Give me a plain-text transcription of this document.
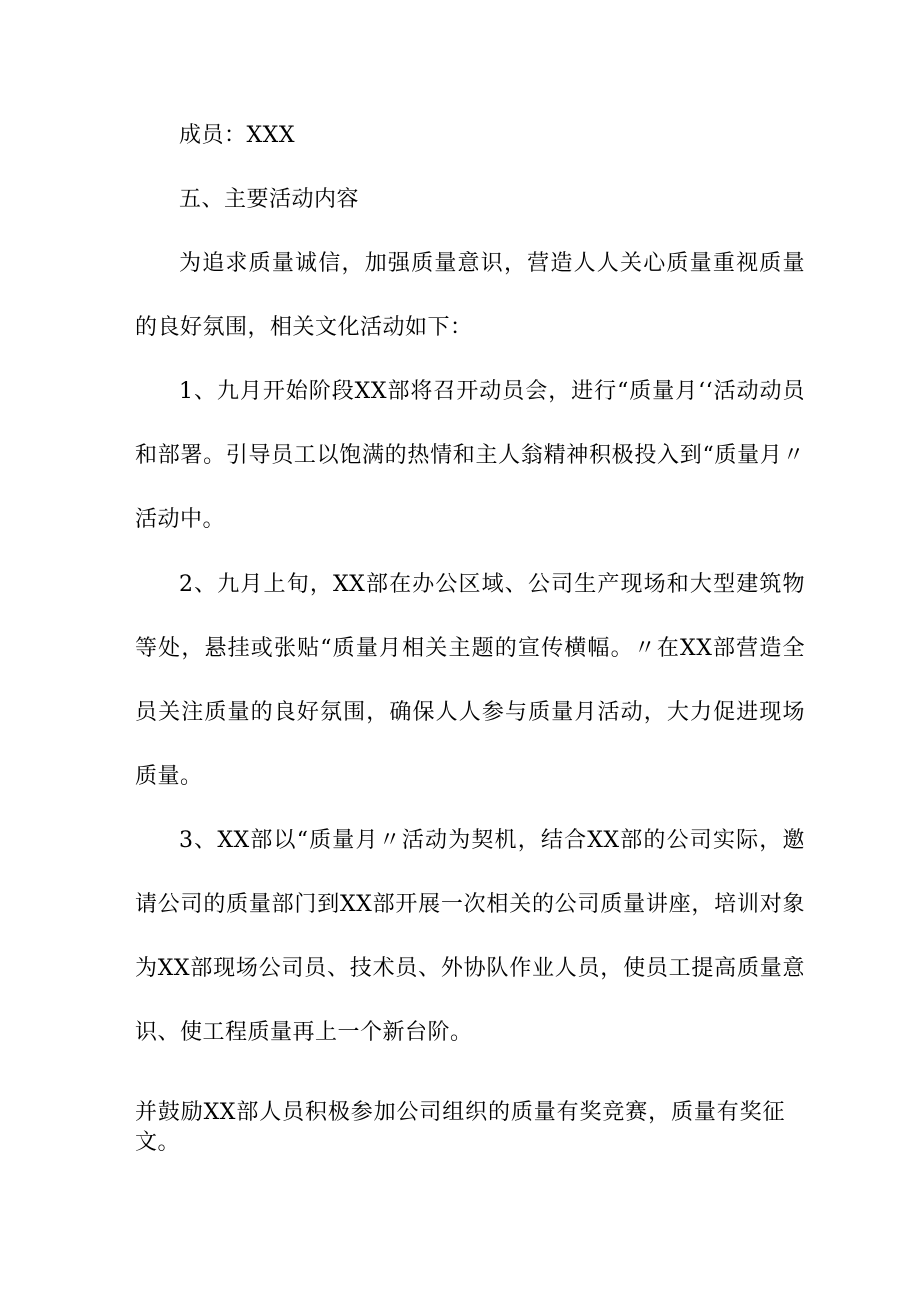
成员：XXX

五、主要活动内容

为追求质量诚信，加强质量意识，营造人人关心质量重视质量的良好氛围，相关文化活动如下：

1、九月开始阶段XX部将召开动员会，进行“质量月‘‘活动动员和部署。引导员工以饱满的热情和主人翁精神积极投入到“质量月〃活动中。

2、九月上旬，XX部在办公区域、公司生产现场和大型建筑物等处，悬挂或张贴“质量月相关主题的宣传横幅。〃在XX部营造全员关注质量的良好氛围，确保人人参与质量月活动，大力促进现场质量。

3、XX部以“质量月〃活动为契机，结合XX部的公司实际，邀请公司的质量部门到XX部开展一次相关的公司质量讲座，培训对象为XX部现场公司员、技术员、外协队作业人员，使员工提高质量意识、使工程质量再上一个新台阶。

并鼓励XX部人员积极参加公司组织的质量有奖竞赛，质量有奖征文。
